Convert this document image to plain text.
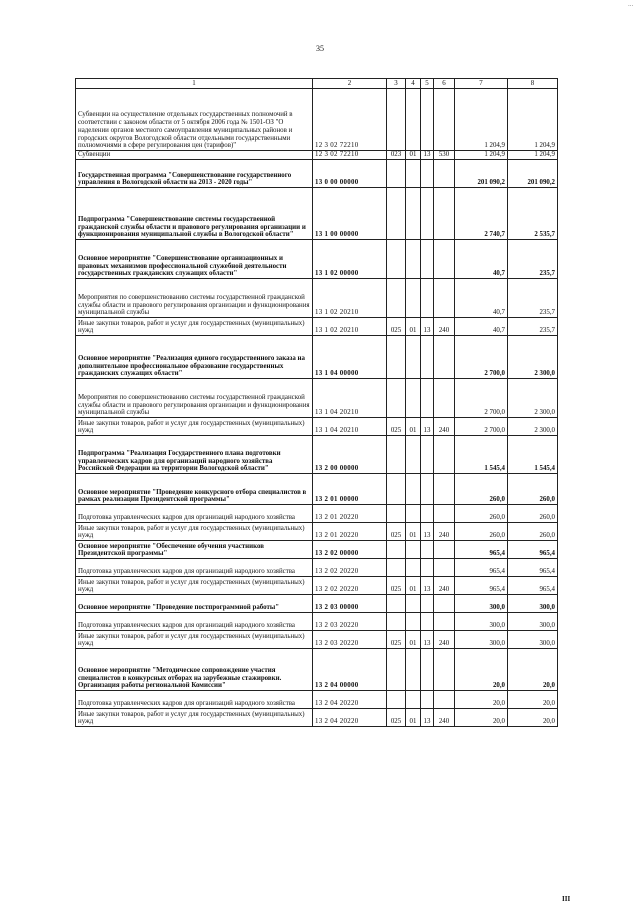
...
35
1	2	3	4	5	6	7	8
Субвенции на осуществление отдельных государственных полномочий в соответствии с законом области от 5 октября 2006 года № 1501-ОЗ "О наделении органов местного самоуправления муниципальных районов и городских округов Вологодской области отдельными государственными полномочиями в сфере регулирования цен (тарифов)"	12 3 02 72210					1 204,9	1 204,9
Субвенции	12 3 02 72210	023	01	13	530	1 204,9	1 204,9
Государственная программа "Совершенствование государственного управления в Вологодской области на 2013 - 2020 годы"	13 0 00 00000					201 090,2	201 090,2
Подпрограмма "Совершенствование системы государственной гражданской службы области и правового регулирования организации и функционирования муниципальной службы в Вологодской области"	13 1 00 00000					2 740,7	2 535,7
Основное мероприятие "Совершенствование организационных и правовых механизмов профессиональной служебной деятельности государственных гражданских служащих области"	13 1 02 00000					40,7	235,7
Мероприятия по совершенствованию системы государственной гражданской службы области и правового регулирования организации и функционирования муниципальной службы	13 1 02 20210					40,7	235,7
Иные закупки товаров, работ и услуг для государственных (муниципальных) нужд	13 1 02 20210	025	01	13	240	40,7	235,7
Основное мероприятие "Реализация единого государственного заказа на дополнительное профессиональное образование государственных гражданских служащих области"	13 1 04 00000					2 700,0	2 300,0
Мероприятия по совершенствованию системы государственной гражданской службы области и правового регулирования организации и функционирования муниципальной службы	13 1 04 20210					2 700,0	2 300,0
Иные закупки товаров, работ и услуг для государственных (муниципальных) нужд	13 1 04 20210	025	01	13	240	2 700,0	2 300,0
Подпрограмма "Реализация Государственного плана подготовки управленческих кадров для организаций народного хозяйства Российской Федерации на территории Вологодской области"	13 2 00 00000					1 545,4	1 545,4
Основное мероприятие "Проведение конкурсного отбора специалистов в рамках реализации Президентской программы"	13 2 01 00000					260,0	260,0
Подготовка управленческих кадров для организаций народного хозяйства	13 2 01 20220					260,0	260,0
Иные закупки товаров, работ и услуг для государственных (муниципальных) нужд	13 2 01 20220	025	01	13	240	260,0	260,0
Основное мероприятие "Обеспечение обучения участников Президентской программы"	13 2 02 00000					965,4	965,4
Подготовка управленческих кадров для организаций народного хозяйства	13 2 02 20220					965,4	965,4
Иные закупки товаров, работ и услуг для государственных (муниципальных) нужд	13 2 02 20220	025	01	13	240	965,4	965,4
Основное мероприятие "Проведение постпрограммной работы"	13 2 03 00000					300,0	300,0
Подготовка управленческих кадров для организаций народного хозяйства	13 2 03 20220					300,0	300,0
Иные закупки товаров, работ и услуг для государственных (муниципальных) нужд	13 2 03 20220	025	01	13	240	300,0	300,0
Основное мероприятие "Методическое сопровождение участия специалистов в конкурсных отборах на зарубежные стажировки. Организация работы региональной Комиссии"	13 2 04 00000					20,0	20,0
Подготовка управленческих кадров для организаций народного хозяйства	13 2 04 20220					20,0	20,0
Иные закупки товаров, работ и услуг для государственных (муниципальных) нужд	13 2 04 20220	025	01	13	240	20,0	20,0
III
